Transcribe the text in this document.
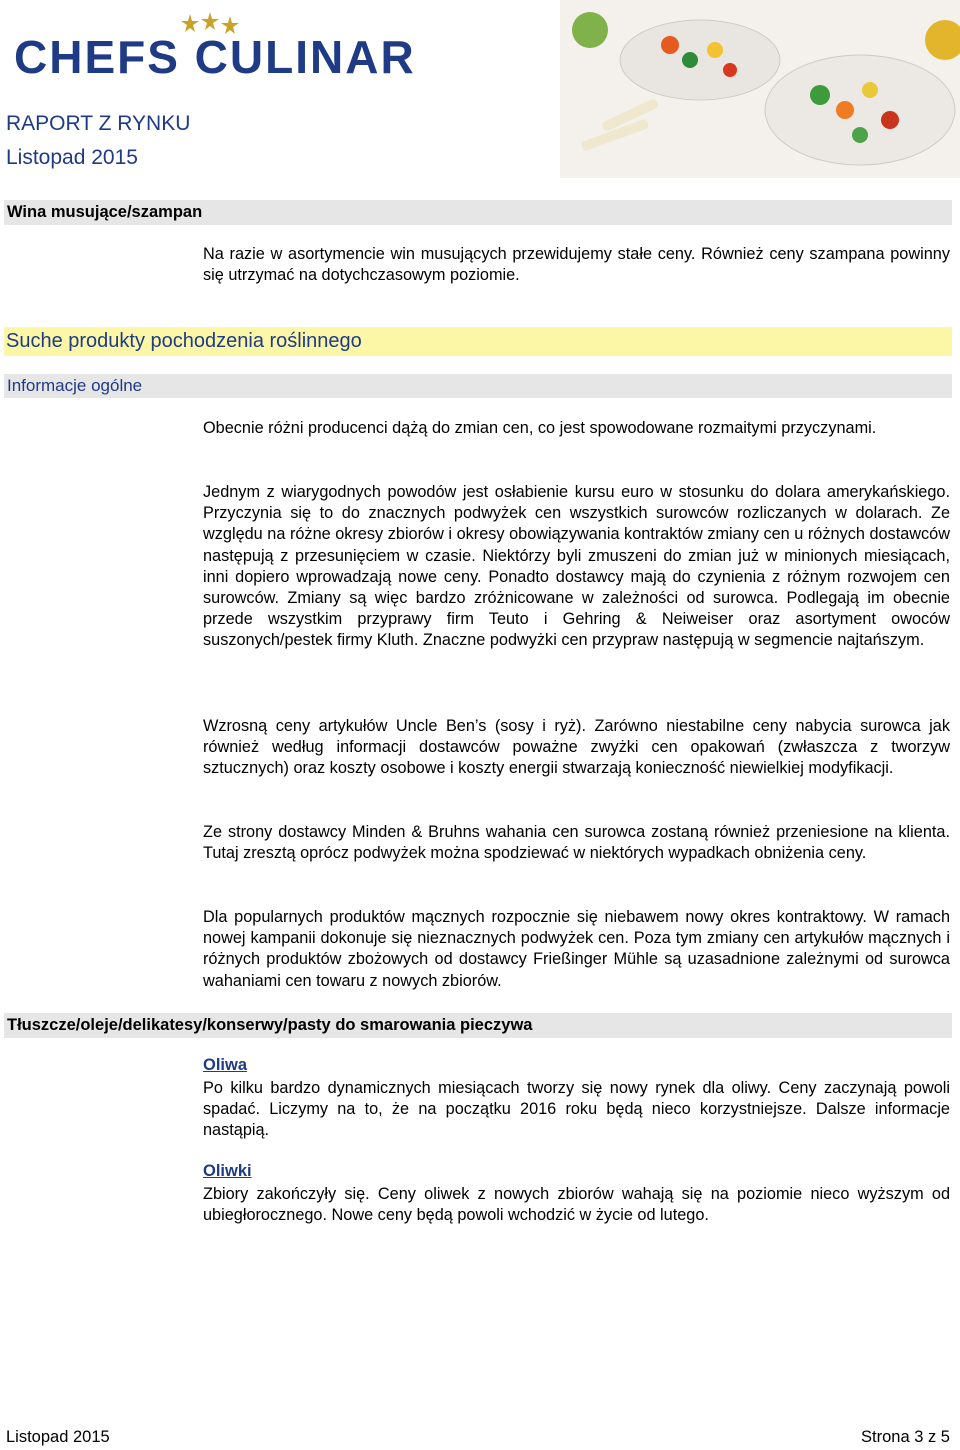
CHEFS CULINAR
RAPORT Z RYNKU
Listopad 2015
Wina musujące/szampan
Na razie w asortymencie win musujących przewidujemy stałe ceny. Również ceny szampana powinny się utrzymać na dotychczasowym poziomie.
Suche produkty pochodzenia roślinnego
Informacje ogólne
Obecnie różni producenci dążą do zmian cen, co jest spowodowane rozmaitymi przyczynami.
Jednym z wiarygodnych powodów jest osłabienie kursu euro w stosunku do dolara amerykańskiego. Przyczynia się to do znacznych podwyżek cen wszystkich surowców rozliczanych w dolarach. Ze względu na różne okresy zbiorów i okresy obowiązywania kontraktów zmiany cen u różnych dostawców następują z przesunięciem w czasie. Niektórzy byli zmuszeni do zmian już w minionych miesiącach, inni dopiero wprowadzają nowe ceny. Ponadto dostawcy mają do czynienia z różnym rozwojem cen surowców. Zmiany są więc bardzo zróżnicowane w zależności od surowca. Podlegają im obecnie przede wszystkim przyprawy firm Teuto i Gehring & Neiweiser oraz asortyment owoców suszonych/pestek firmy Kluth. Znaczne podwyżki cen przypraw następują w segmencie najtańszym.
Wzrosną ceny artykułów Uncle Ben’s (sosy i ryż). Zarówno niestabilne ceny nabycia surowca jak również według informacji dostawców poważne zwyżki cen opakowań (zwłaszcza z tworzyw sztucznych) oraz koszty osobowe i koszty energii stwarzają konieczność niewielkiej modyfikacji.
Ze strony dostawcy Minden & Bruhns wahania cen surowca zostaną również przeniesione na klienta. Tutaj zresztą oprócz podwyżek można spodziewać w niektórych wypadkach obniżenia ceny.
Dla popularnych produktów mącznych rozpocznie się niebawem nowy okres kontraktowy. W ramach nowej kampanii dokonuje się nieznacznych podwyżek cen. Poza tym zmiany cen artykułów mącznych i różnych produktów zbożowych od dostawcy Frießinger Mühle są uzasadnione zależnymi od surowca wahaniami cen towaru z nowych zbiorów.
Tłuszcze/oleje/delikatesy/konserwy/pasty do smarowania pieczywa
Oliwa
Po kilku bardzo dynamicznych miesiącach tworzy się nowy rynek dla oliwy. Ceny zaczynają powoli spadać. Liczymy na to, że na początku 2016 roku będą nieco korzystniejsze. Dalsze informacje nastąpią.
Oliwki
Zbiory zakończyły się. Ceny oliwek z nowych zbiorów wahają się na poziomie nieco wyższym od ubiegłorocznego. Nowe ceny będą powoli wchodzić w życie od lutego.
Listopad 2015	Strona 3 z 5
